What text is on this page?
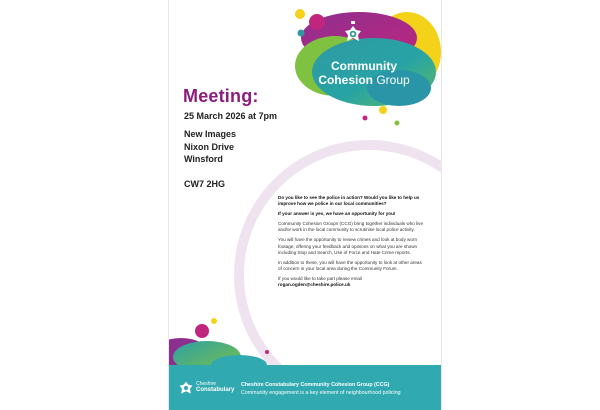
Community
Cohesion Group
Meeting:
25 March 2026 at 7pm
New Images
Nixon Drive
Winsford
CW7 2HG

Do you like to see the police in action? Would you like to help us improve how we police in our local communities?

If your answer is yes, we have an opportunity for you!

Community Cohesion Groups (CCG) bring together individuals who live and/or work in the local community to scrutinise local police activity.

You will have the opportunity to review crimes and look at body worn footage, offering your feedback and opinions on what you are shown including Stop and Search, Use of Force and Hate Crime reports.

In addition to these, you will have the opportunity to look at other areas of concern in your local area during the Community Forum.

If you would like to take part please email
rogan.ogden@cheshire.police.uk

Cheshire
Constabulary
Cheshire Constabulary Community Cohesion Group (CCG)
Community engagement is a key element of neighbourhood policing
